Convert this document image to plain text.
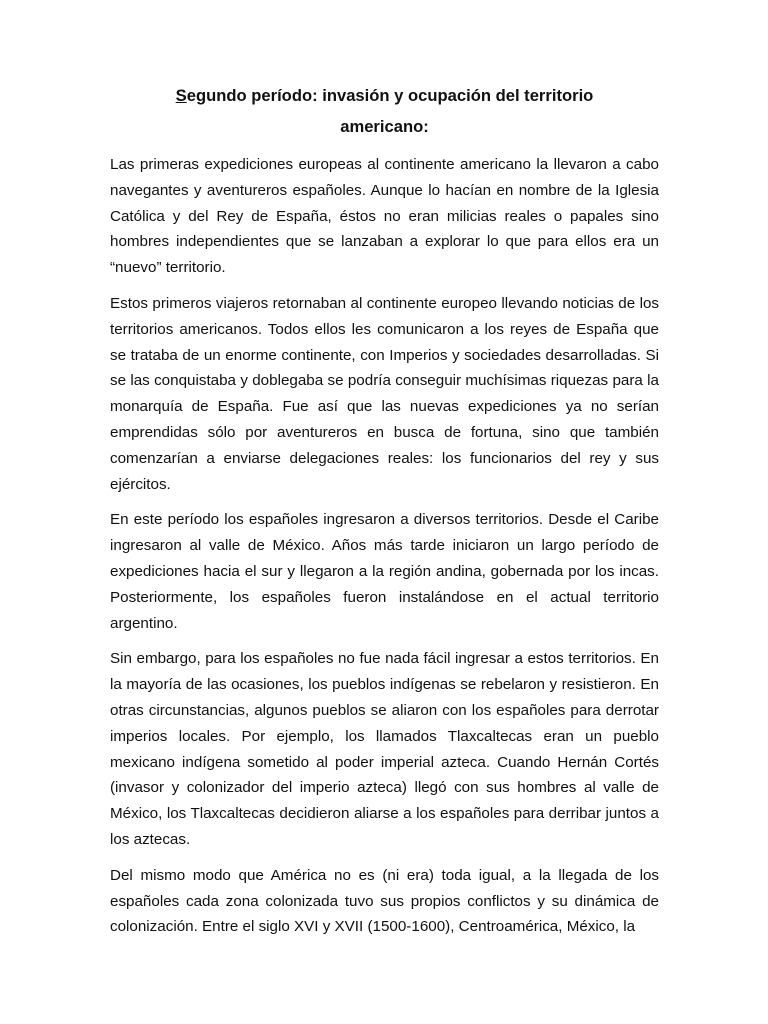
Segundo período: invasión y ocupación del territorio americano:

Las primeras expediciones europeas al continente americano la llevaron a cabo navegantes y aventureros españoles. Aunque lo hacían en nombre de la Iglesia Católica y del Rey de España, éstos no eran milicias reales o papales sino hombres independientes que se lanzaban a explorar lo que para ellos era un “nuevo” territorio.

Estos primeros viajeros retornaban al continente europeo llevando noticias de los territorios americanos. Todos ellos les comunicaron a los reyes de España que se trataba de un enorme continente, con Imperios y sociedades desarrolladas. Si se las conquistaba y doblegaba se podría conseguir muchísimas riquezas para la monarquía de España. Fue así que las nuevas expediciones ya no serían emprendidas sólo por aventureros en busca de fortuna, sino que también comenzarían a enviarse delegaciones reales: los funcionarios del rey y sus ejércitos.

En este período los españoles ingresaron a diversos territorios. Desde el Caribe ingresaron al valle de México. Años más tarde iniciaron un largo período de expediciones hacia el sur y llegaron a la región andina, gobernada por los incas. Posteriormente, los españoles fueron instalándose en el actual territorio argentino.

Sin embargo, para los españoles no fue nada fácil ingresar a estos territorios. En la mayoría de las ocasiones, los pueblos indígenas se rebelaron y resistieron. En otras circunstancias, algunos pueblos se aliaron con los españoles para derrotar imperios locales. Por ejemplo, los llamados Tlaxcaltecas eran un pueblo mexicano indígena sometido al poder imperial azteca. Cuando Hernán Cortés (invasor y colonizador del imperio azteca) llegó con sus hombres al valle de México, los Tlaxcaltecas decidieron aliarse a los españoles para derribar juntos a los aztecas.

Del mismo modo que América no es (ni era) toda igual, a la llegada de los españoles cada zona colonizada tuvo sus propios conflictos y su dinámica de colonización. Entre el siglo XVI y XVII (1500-1600), Centroamérica, México, la
